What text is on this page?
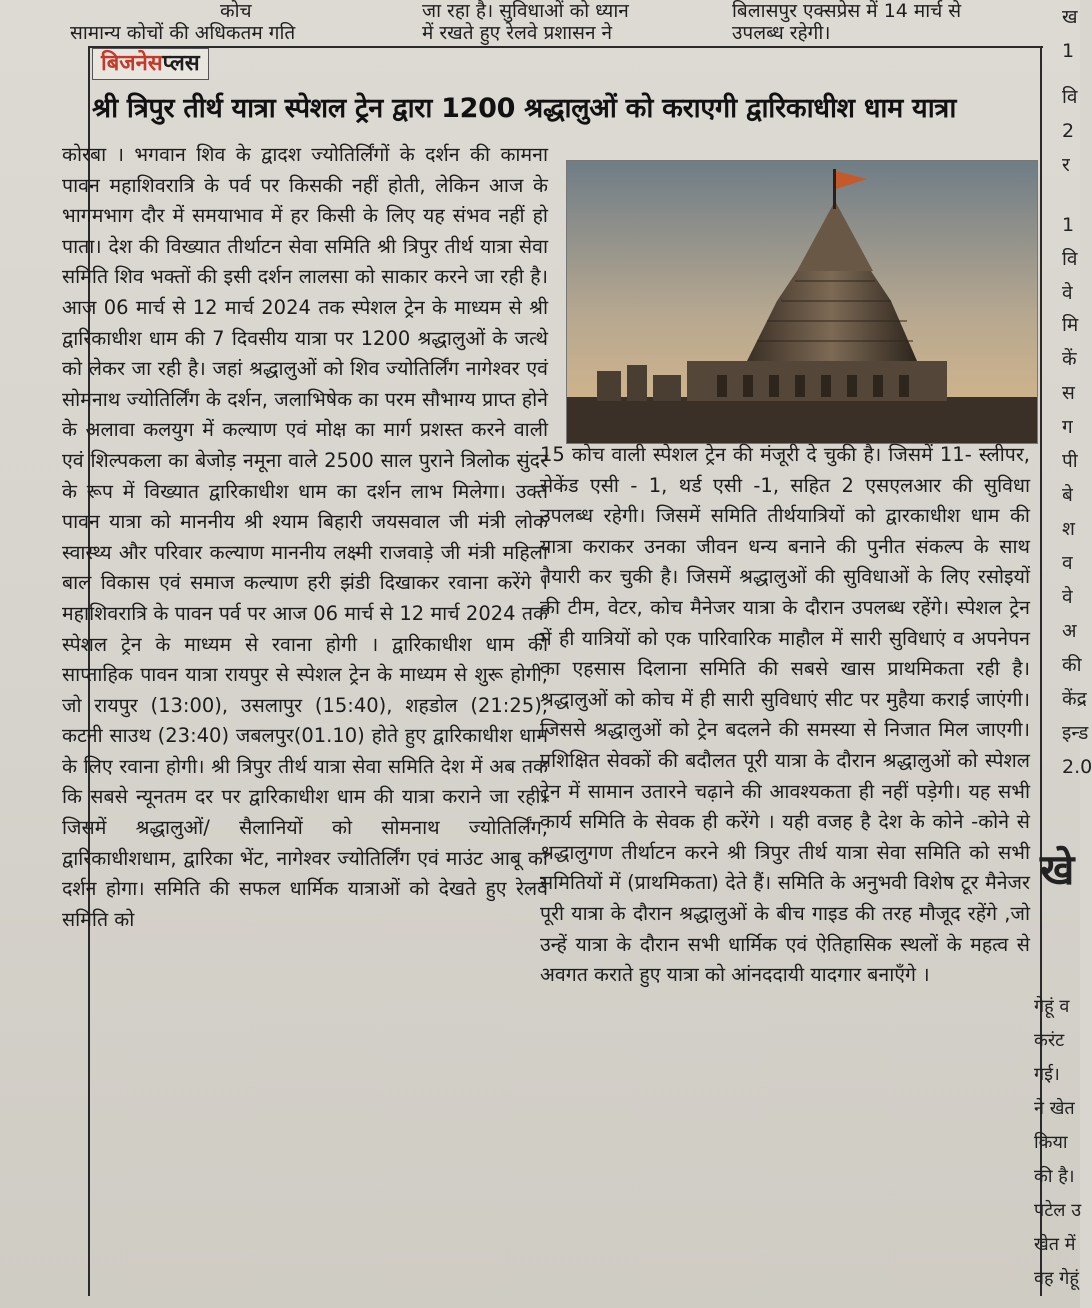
कोच
सामान्य कोचों की अधिकतम गति
जा रहा है। सुविधाओं को ध्यान
में रखते हुए रेलवे प्रशासन ने
बिलासपुर एक्सप्रेस में 14 मार्च से
उपलब्ध रहेगी।
बिजनेसप्लस
श्री त्रिपुर तीर्थ यात्रा स्पेशल ट्रेन द्वारा 1200 श्रद्धालुओं को कराएगी द्वारिकाधीश धाम यात्रा
कोरबा । भगवान शिव के द्वादश ज्योतिर्लिंगों के दर्शन की कामना पावन महाशिवरात्रि के पर्व पर किसकी नहीं होती, लेकिन आज के भागमभाग दौर में समयाभाव में हर किसी के लिए यह संभव नहीं हो पाता। देश की विख्यात तीर्थाटन सेवा समिति श्री त्रिपुर तीर्थ यात्रा सेवा समिति शिव भक्तों की इसी दर्शन लालसा को साकार करने जा रही है। आज 06 मार्च से 12 मार्च 2024 तक स्पेशल ट्रेन के माध्यम से श्री द्वारिकाधीश धाम की 7 दिवसीय यात्रा पर 1200 श्रद्धालुओं के जत्थे को लेकर जा रही है। जहां श्रद्धालुओं को शिव ज्योतिर्लिंग नागेश्वर एवं सोमनाथ ज्योतिर्लिंग के दर्शन, जलाभिषेक का परम सौभाग्य प्राप्त होने के अलावा कलयुग में कल्याण एवं मोक्ष का मार्ग प्रशस्त करने वाली एवं शिल्पकला का बेजोड़ नमूना वाले 2500 साल पुराने त्रिलोक सुंदर के रूप में विख्यात द्वारिकाधीश धाम का दर्शन लाभ मिलेगा। उक्त पावन यात्रा को माननीय श्री श्याम बिहारी जयसवाल जी मंत्री लोक स्वास्थ्य और परिवार कल्याण माननीय लक्ष्मी राजवाड़े जी मंत्री महिला बाल विकास एवं समाज कल्याण हरी झंडी दिखाकर रवाना करेंगे । महाशिवरात्रि के पावन पर्व पर आज 06 मार्च से 12 मार्च 2024 तक स्पेशल ट्रेन के माध्यम से रवाना होगी । द्वारिकाधीश धाम की साप्ताहिक पावन यात्रा रायपुर से स्पेशल ट्रेन के माध्यम से शुरू होगी, जो रायपुर (13:00), उसलापुर (15:40), शहडोल (21:25), कटनी साउथ (23:40) जबलपुर(01.10) होते हुए द्वारिकाधीश धाम के लिए रवाना होगी। श्री त्रिपुर तीर्थ यात्रा सेवा समिति देश में अब तक कि सबसे न्यूनतम दर पर द्वारिकाधीश धाम की यात्रा कराने जा रही। जिसमें श्रद्धालुओं/ सैलानियों को सोमनाथ ज्योतिर्लिंग, द्वारिकाधीशधाम, द्वारिका भेंट, नागेश्वर ज्योतिर्लिंग एवं माउंट आबू का दर्शन होगा। समिति की सफल धार्मिक यात्राओं को देखते हुए रेलवे समिति को
15 कोच वाली स्पेशल ट्रेन की मंजूरी दे चुकी है। जिसमें 11- स्लीपर, सेकेंड एसी - 1, थर्ड एसी -1, सहित 2 एसएलआर की सुविधा उपलब्ध रहेगी। जिसमें समिति तीर्थयात्रियों को द्वारकाधीश धाम की यात्रा कराकर उनका जीवन धन्य बनाने की पुनीत संकल्प के साथ तैयारी कर चुकी है। जिसमें श्रद्धालुओं की सुविधाओं के लिए रसोइयों की टीम, वेटर, कोच मैनेजर यात्रा के दौरान उपलब्ध रहेंगे। स्पेशल ट्रेन में ही यात्रियों को एक पारिवारिक माहौल में सारी सुविधाएं व अपनेपन का एहसास दिलाना समिति की सबसे खास प्राथमिकता रही है। श्रद्धालुओं को कोच में ही सारी सुविधाएं सीट पर मुहैया कराई जाएंगी। जिससे श्रद्धालुओं को ट्रेन बदलने की समस्या से निजात मिल जाएगी। प्रशिक्षित सेवकों की बदौलत पूरी यात्रा के दौरान श्रद्धालुओं को स्पेशल ट्रेन में सामान उतारने चढ़ाने की आवश्यकता ही नहीं पड़ेगी। यह सभी कार्य समिति के सेवक ही करेंगे । यही वजह है देश के कोने -कोने से श्रद्धालुगण तीर्थाटन करने श्री त्रिपुर तीर्थ यात्रा सेवा समिति को सभी समितियों में (प्राथमिकता) देते हैं। समिति के अनुभवी विशेष टूर मैनेजर पूरी यात्रा के दौरान श्रद्धालुओं के बीच गाइड की तरह मौजूद रहेंगे ,जो उन्हें यात्रा के दौरान सभी धार्मिक एवं ऐतिहासिक स्थलों के महत्व से अवगत कराते हुए यात्रा को आंनददायी यादगार बनाएँगे ।
ख
1
वि
2
र
1
वि
वे
मि
कें
स
ग
पी
बे
श
व
वे
अ
की
केंद्र
इन्ड
2.0
खे
गेहूं व
करंट
गई।
ने खेत
किया
की है।
पटेल उ
खेत में
वह गेहूं
